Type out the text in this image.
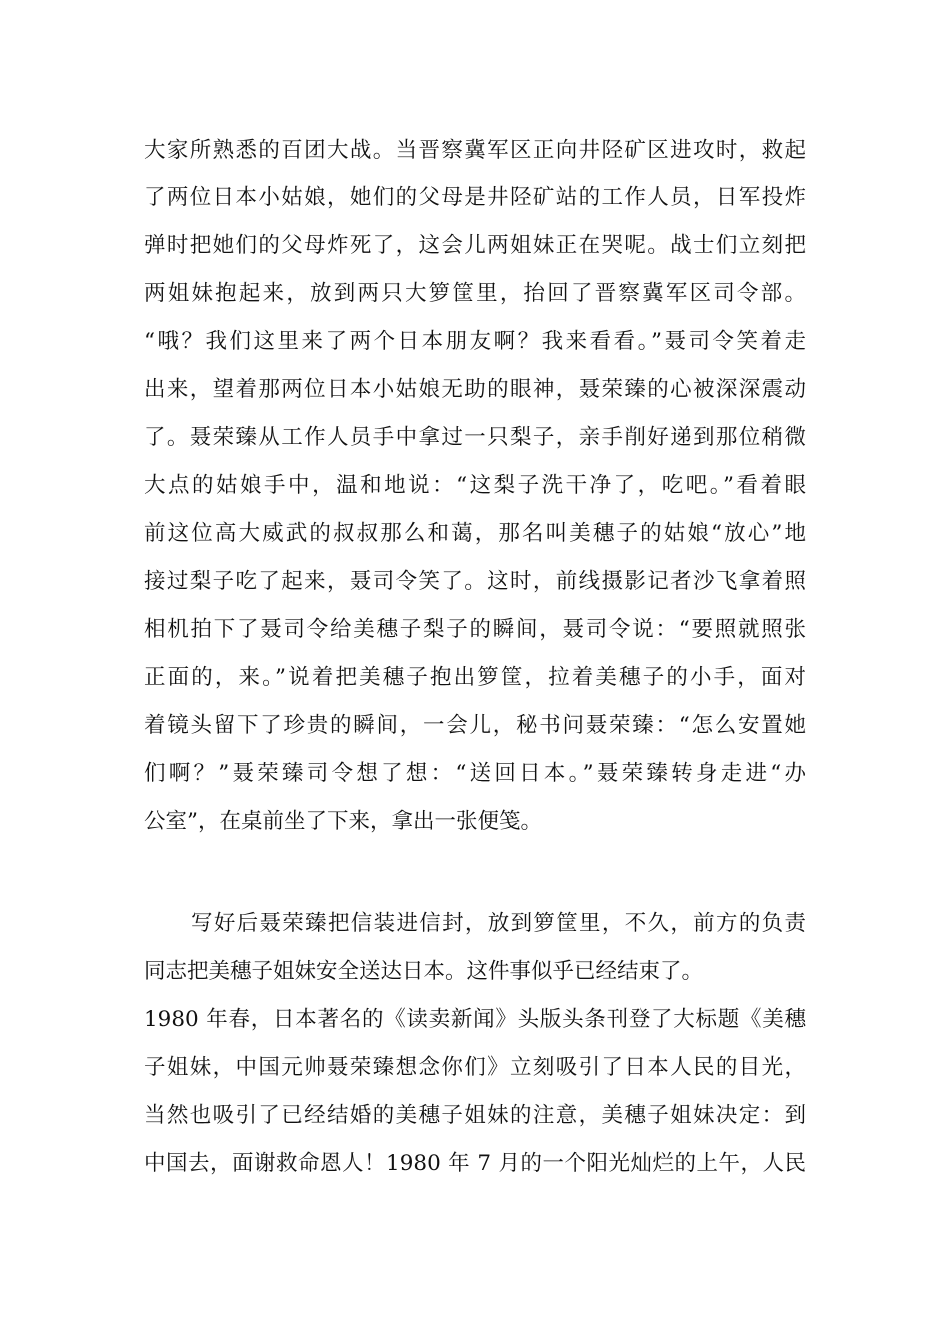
大家所熟悉的百团大战。当晋察冀军区正向井陉矿区进攻时，救起
了两位日本小姑娘，她们的父母是井陉矿站的工作人员，日军投炸
弹时把她们的父母炸死了，这会儿两姐妹正在哭呢。战士们立刻把
两姐妹抱起来，放到两只大箩筐里，抬回了晋察冀军区司令部。
“哦？我们这里来了两个日本朋友啊？我来看看。”聂司令笑着走
出来，望着那两位日本小姑娘无助的眼神，聂荣臻的心被深深震动
了。聂荣臻从工作人员手中拿过一只梨子，亲手削好递到那位稍微
大点的姑娘手中，温和地说：“这梨子洗干净了，吃吧。”看着眼
前这位高大威武的叔叔那么和蔼，那名叫美穗子的姑娘“放心”地
接过梨子吃了起来，聂司令笑了。这时，前线摄影记者沙飞拿着照
相机拍下了聂司令给美穗子梨子的瞬间，聂司令说：“要照就照张
正面的，来。”说着把美穗子抱出箩筐，拉着美穗子的小手，面对
着镜头留下了珍贵的瞬间，一会儿，秘书问聂荣臻：“怎么安置她
们啊？”聂荣臻司令想了想：“送回日本。”聂荣臻转身走进“办
公室”，在桌前坐了下来，拿出一张便笺。
写好后聂荣臻把信装进信封，放到箩筐里，不久，前方的负责
同志把美穗子姐妹安全送达日本。这件事似乎已经结束了。
1980 年春，日本著名的《读卖新闻》头版头条刊登了大标题《美穗
子姐妹，中国元帅聂荣臻想念你们》立刻吸引了日本人民的目光，
当然也吸引了已经结婚的美穗子姐妹的注意，美穗子姐妹决定：到
中国去，面谢救命恩人！1980 年 7 月的一个阳光灿烂的上午，人民
